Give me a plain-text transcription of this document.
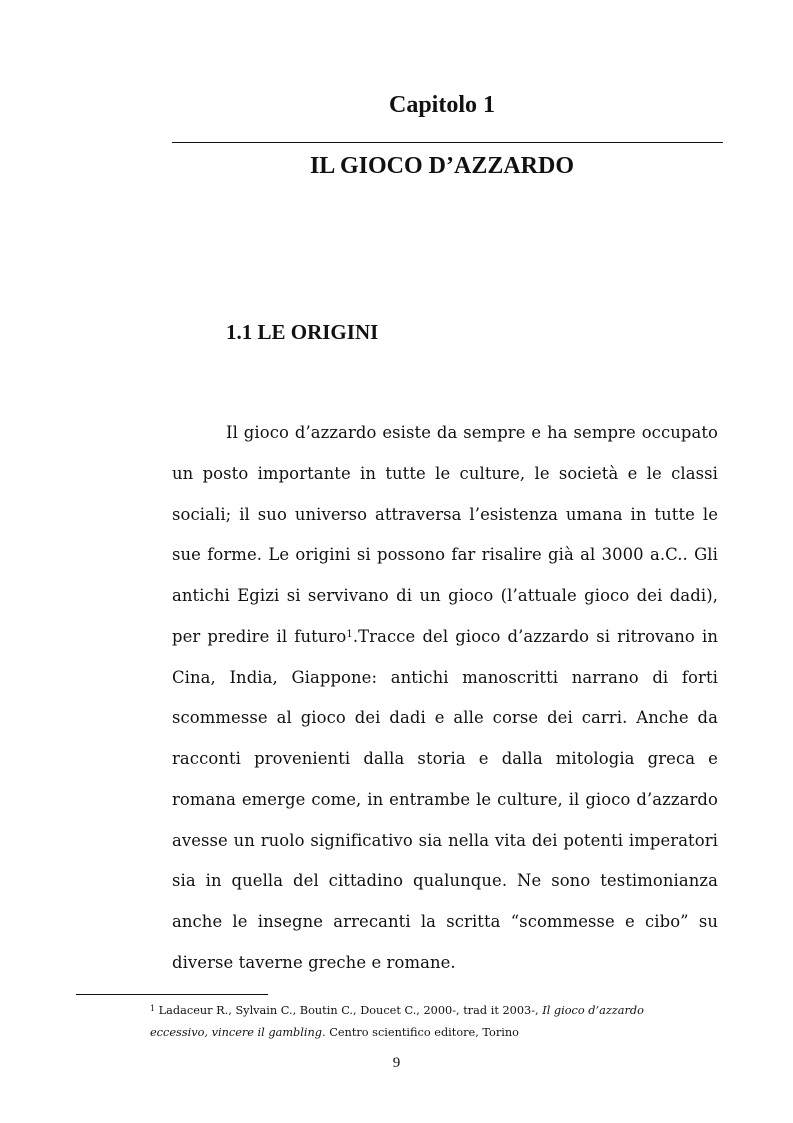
Capitolo 1
IL GIOCO D’AZZARDO
1.1 LE ORIGINI

Il gioco d’azzardo esiste da sempre e ha sempre occupato un posto importante in tutte le culture, le società e le classi sociali; il suo universo attraversa l’esistenza umana in tutte le sue forme. Le origini si possono far risalire già al 3000 a.C.. Gli antichi Egizi si servivano di un gioco (l’attuale gioco dei dadi), per predire il futuro$^1$.Tracce del gioco d’azzardo si ritrovano in Cina, India, Giappone: antichi manoscritti narrano di forti scommesse al gioco dei dadi e alle corse dei carri. Anche da racconti provenienti dalla storia e dalla mitologia greca e romana emerge come, in entrambe le culture, il gioco d’azzardo avesse un ruolo significativo sia nella vita dei potenti imperatori sia in quella del cittadino qualunque. Ne sono testimonianza anche le insegne arrecanti la scritta “scommesse e cibo” su diverse taverne greche e romane.

$^1$ Ladaceur R., Sylvain C., Boutin C., Doucet C., 2000-, trad it 2003-, Il gioco d’azzardo eccessivo, vincere il gambling. Centro scientifico editore, Torino

9
